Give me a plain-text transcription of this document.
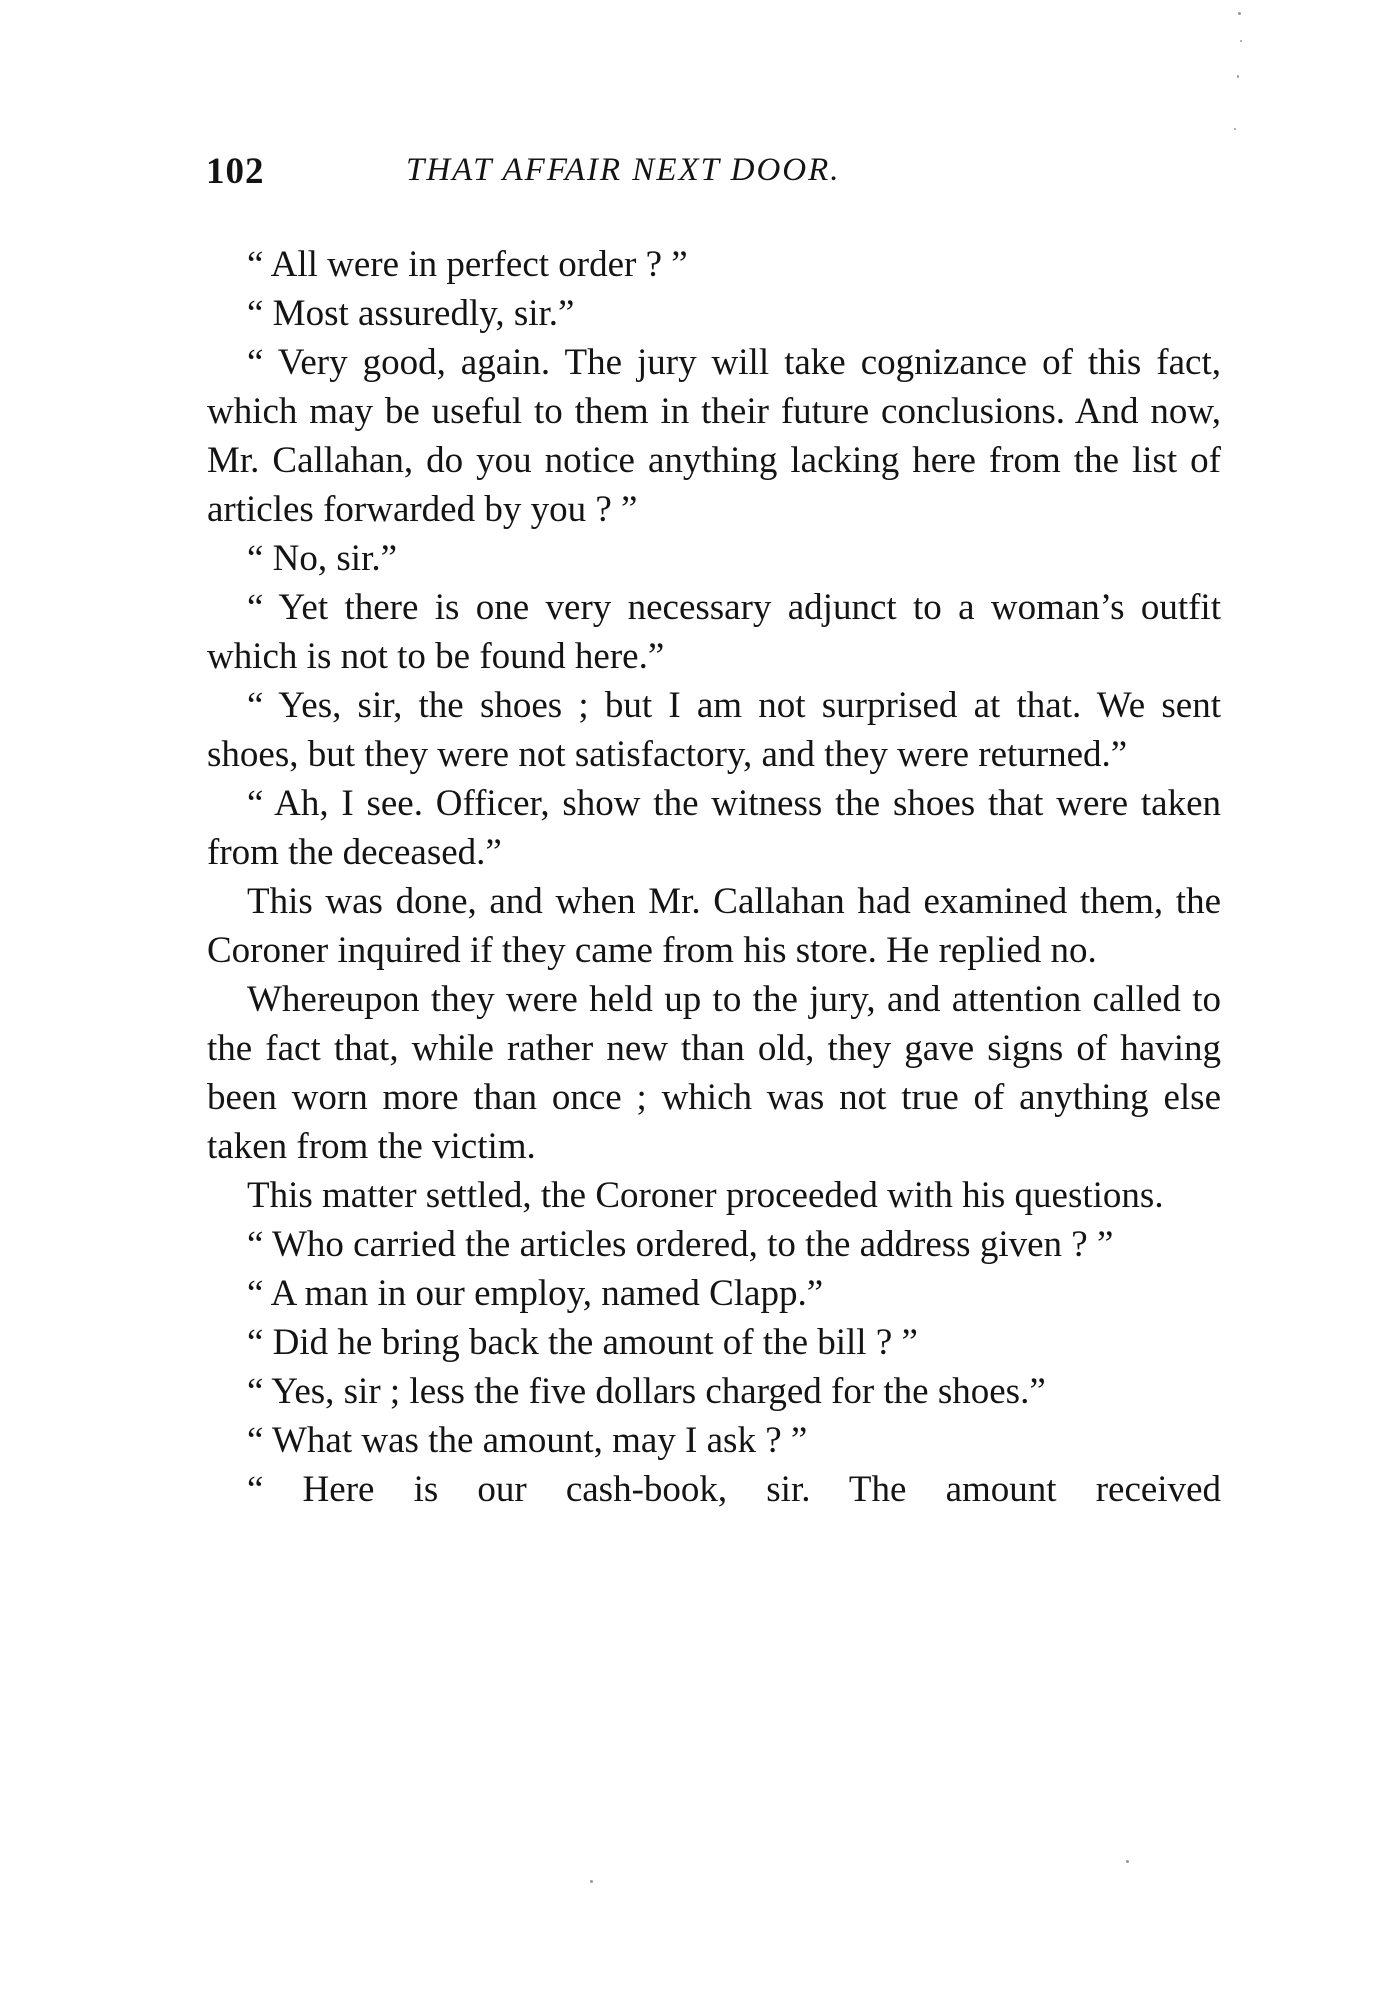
102	THAT AFFAIR NEXT DOOR.

“ All were in perfect order ? ”

“ Most assuredly, sir.”

“ Very good, again. The jury will take cognizance of this fact, which may be useful to them in their future conclusions. And now, Mr. Callahan, do you notice anything lacking here from the list of articles forwarded by you ? ”

“ No, sir.”

“ Yet there is one very necessary adjunct to a woman’s outfit which is not to be found here.”

“ Yes, sir, the shoes ; but I am not surprised at that. We sent shoes, but they were not satisfactory, and they were returned.”

“ Ah, I see. Officer, show the witness the shoes that were taken from the deceased.”

This was done, and when Mr. Callahan had examined them, the Coroner inquired if they came from his store. He replied no.

Whereupon they were held up to the jury, and attention called to the fact that, while rather new than old, they gave signs of having been worn more than once ; which was not true of anything else taken from the victim.

This matter settled, the Coroner proceeded with his questions.

“ Who carried the articles ordered, to the address given ? ”

“ A man in our employ, named Clapp.”

“ Did he bring back the amount of the bill ? ”

“ Yes, sir ; less the five dollars charged for the shoes.”

“ What was the amount, may I ask ? ”

“ Here is our cash-book, sir. The amount received
